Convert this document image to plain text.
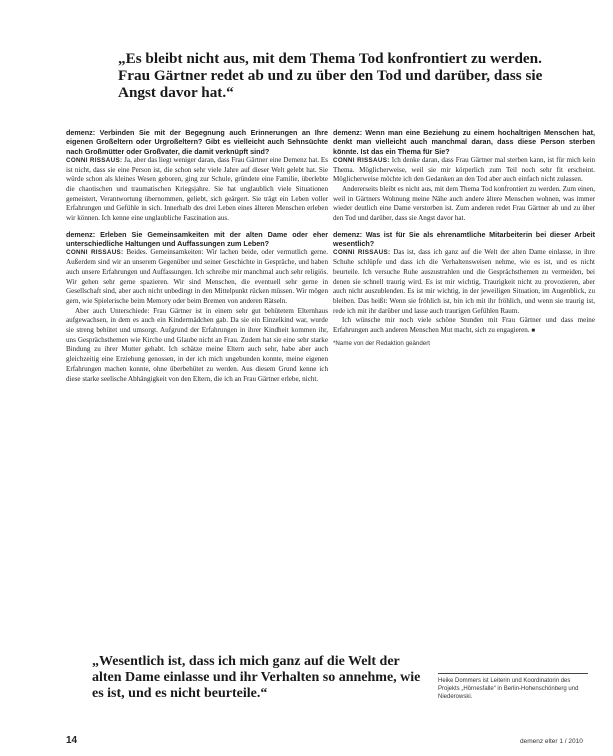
„Es bleibt nicht aus, mit dem Thema Tod konfrontiert zu werden. Frau Gärtner redet ab und zu über den Tod und darüber, dass sie Angst davor hat.“

demenz: Verbinden Sie mit der Begegnung auch Erinnerungen an Ihre eigenen Großeltern oder Urgroßeltern? Gibt es vielleicht auch Sehnsüchte nach Großmütter oder Großvater, die damit verknüpft sind?

CONNI RISSAUS: Ja, aber das liegt weniger daran, dass Frau Gärtner eine Demenz hat. Es ist nicht, dass sie eine Person ist, die schon sehr viele Jahre auf dieser Welt gelebt hat. Sie würde schon als kleines Wesen geboren, ging zur Schule, gründete eine Familie, überlebte die chaotischen und traumatischen Kriegsjahre. Sie hat unglaublich viele Situationen gemeistert, Verantwortung übernommen, geliebt, sich geärgert. Sie trägt ein Leben voller Erfahrungen und Gefühle in sich. Innerhalb des drei Leben eines älteren Menschen erleben wir können. Ich kenne eine unglaubliche Faszination aus.

demenz: Erleben Sie Gemeinsamkeiten mit der alten Dame oder eher unterschiedliche Haltungen und Auffassungen zum Leben?

CONNI RISSAUS: Beides. Gemeinsamkeiten: Wir lachen beide, oder vermutlich gerne. Außerdem sind wir an unserem Gegenüber und seiner Geschichte in Gespräche, und haben auch unsere Erfahrungen und Auffassungen. Ich schreibe mir manchmal auch sehr religiös. Wir gehen sehr gerne spazieren. Wir sind Menschen, die eventuell sehr gerne in Gesellschaft sind, aber auch nicht unbedingt in den Mittelpunkt rücken müssen. Wir mögen gern, wie Spielerische beim Memory oder beim Bremen von anderen Rätseln.

Aber auch Unterschiede: Frau Gärtner ist in einem sehr gut behütetem Elternhaus aufgewachsen, in dem es auch ein Kindermädchen gab. Da sie ein Einzelkind war, wurde sie streng behütet und umsorgt. Aufgrund der Erfahrungen in ihrer Kindheit kommen ihr, uns Gesprächsthemen wie Kirche und Glaube nicht an Frau. Zudem hat sie eine sehr starke Bindung zu ihrer Mutter gehabt. Ich schätze meine Eltern auch sehr, habe aber auch gleichzeitig eine Erziehung genossen, in der ich mich ungebunden konnte, meine eigenen Erfahrungen machen konnte, ohne überbehütet zu werden. Aus diesem Grund kenne ich diese starke seelische Abhängigkeit von den Eltern, die ich an Frau Gärtner erlebe, nicht.

demenz: Wenn man eine Beziehung zu einem hochaltrigen Menschen hat, denkt man vielleicht auch manchmal daran, dass diese Person sterben könnte. Ist das ein Thema für Sie?

CONNI RISSAUS: Ich denke daran, dass Frau Gärtner mal sterben kann, ist für mich kein Thema. Möglicherweise, weil sie mir körperlich zum Teil noch sehr fit erscheint. Möglicherweise möchte ich den Gedanken an den Tod aber auch einfach nicht zulassen.

Andererseits bleibt es nicht aus, mit dem Thema Tod konfrontiert zu werden. Zum einen, weil in Gärtners Wohnung meine Nähe auch andere ältere Menschen wohnen, was immer wieder deutlich eine Dame verstorben ist. Zum anderen redet Frau Gärtner ab und zu über den Tod und darüber, dass sie Angst davor hat.

demenz: Was ist für Sie als ehrenamtliche Mitarbeiterin bei dieser Arbeit wesentlich?

CONNI RISSAUS: Das ist, dass ich ganz auf die Welt der alten Dame einlasse, in ihre Schuhe schlüpfe und dass ich die Verhaltensweisen nehme, wie es ist, und es nicht beurteile. Ich versuche Ruhe auszustrahlen und die Gesprächsthemen zu vermeiden, bei denen sie schnell traurig wird. Es ist mir wichtig, Traurigkeit nicht zu provozieren, aber auch nicht auszublenden. Es ist mir wichtig, in der jeweiligen Situation, im Augenblick, zu bleiben. Das heißt: Wenn sie fröhlich ist, bin ich mit ihr fröhlich, und wenn sie traurig ist, rede ich mit ihr darüber und lasse auch traurigen Gefühlen Raum.

Ich wünsche mir noch viele schöne Stunden mit Frau Gärtner und dass meine Erfahrungen auch anderen Menschen Mut macht, sich zu engagieren. ■

*Name von der Redaktion geändert

„Wesentlich ist, dass ich mich ganz auf die Welt der alten Dame einlasse und ihr Verhalten so annehme, wie es ist, und es nicht beurteile.“
Heike Dommers ist Leiterin und Koordinatorin des Projekts „Hörnesfalle“ in Berlin-Hohenschönberg und Niederowski.
14	demenz elter 1 / 2010
